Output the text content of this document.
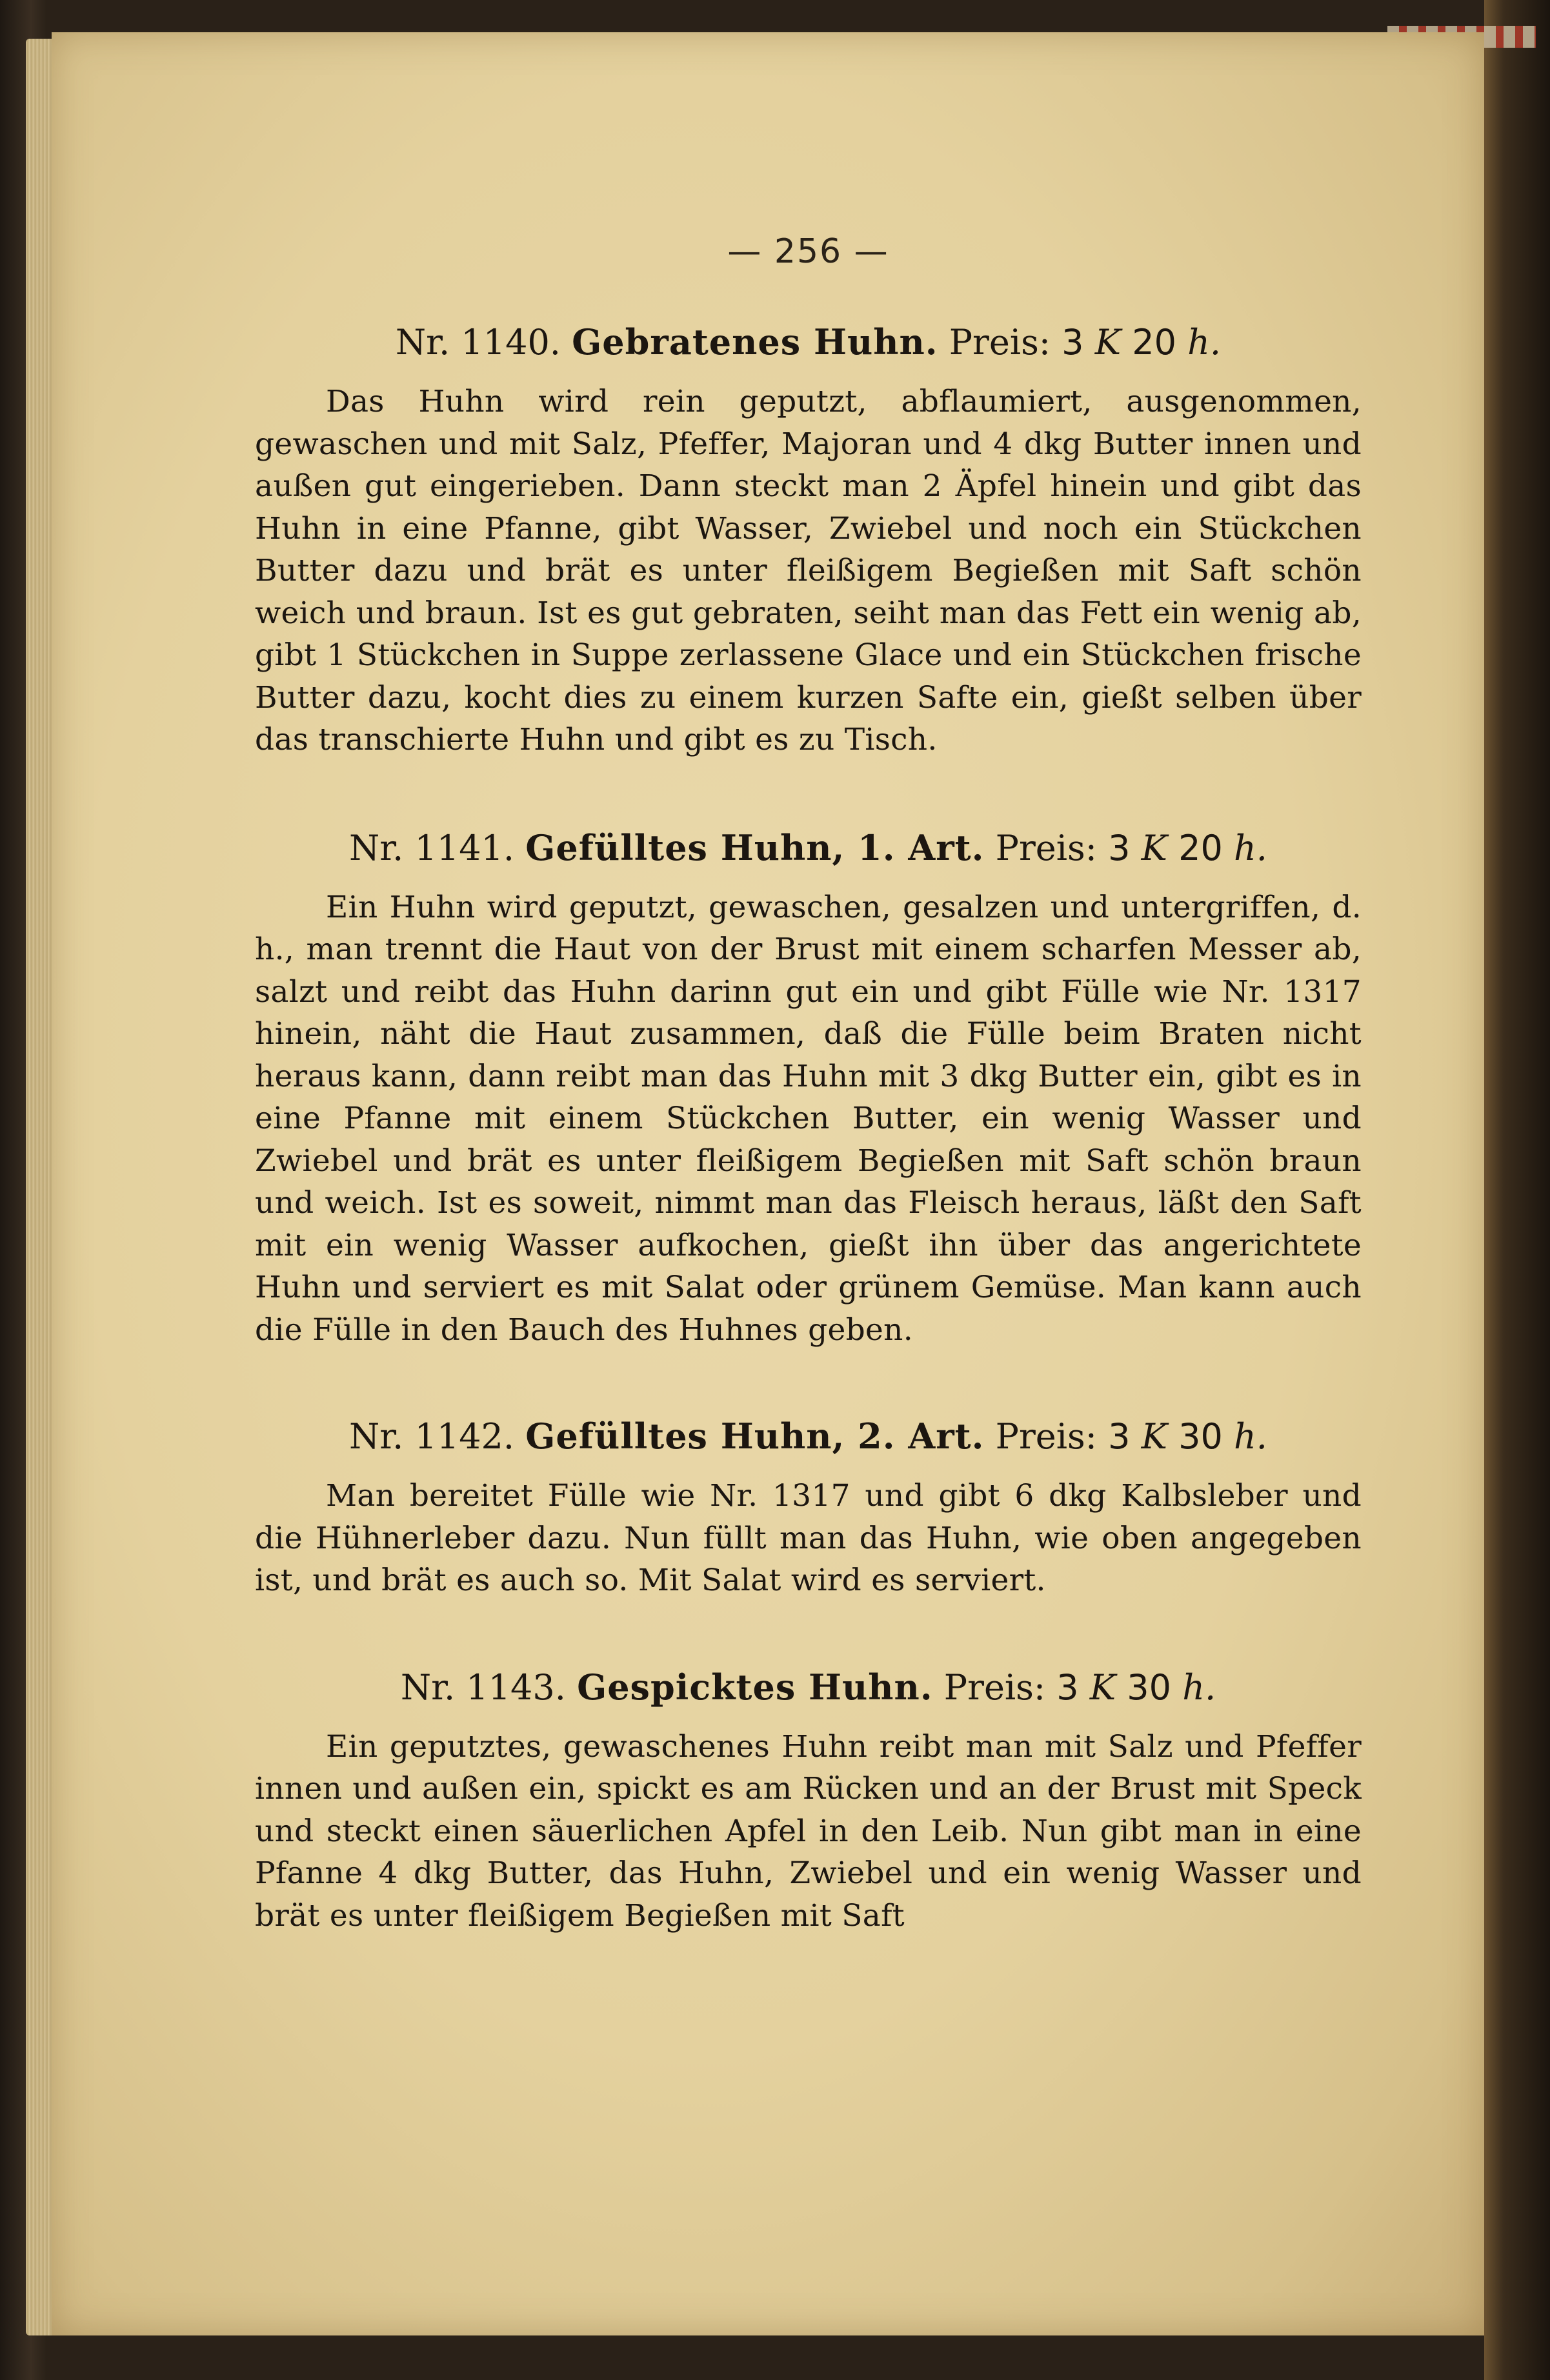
— 256 —
Nr. 1140. Gebratenes Huhn. Preis: 3 K 20 h.

Das Huhn wird rein geputzt, abflaumiert, ausgenommen, gewaschen und mit Salz, Pfeffer, Majoran und 4 dkg Butter innen und außen gut eingerieben. Dann steckt man 2 Äpfel hinein und gibt das Huhn in eine Pfanne, gibt Wasser, Zwiebel und noch ein Stückchen Butter dazu und brät es unter fleißigem Begießen mit Saft schön weich und braun. Ist es gut gebraten, seiht man das Fett ein wenig ab, gibt 1 Stückchen in Suppe zerlassene Glace und ein Stückchen frische Butter dazu, kocht dies zu einem kurzen Safte ein, gießt selben über das transchierte Huhn und gibt es zu Tisch.

Nr. 1141. Gefülltes Huhn, 1. Art. Preis: 3 K 20 h.

Ein Huhn wird geputzt, gewaschen, gesalzen und untergriffen, d. h., man trennt die Haut von der Brust mit einem scharfen Messer ab, salzt und reibt das Huhn darinn gut ein und gibt Fülle wie Nr. 1317 hinein, näht die Haut zusammen, daß die Fülle beim Braten nicht heraus kann, dann reibt man das Huhn mit 3 dkg Butter ein, gibt es in eine Pfanne mit einem Stückchen Butter, ein wenig Wasser und Zwiebel und brät es unter fleißigem Begießen mit Saft schön braun und weich. Ist es soweit, nimmt man das Fleisch heraus, läßt den Saft mit ein wenig Wasser aufkochen, gießt ihn über das angerichtete Huhn und serviert es mit Salat oder grünem Gemüse. Man kann auch die Fülle in den Bauch des Huhnes geben.

Nr. 1142. Gefülltes Huhn, 2. Art. Preis: 3 K 30 h.

Man bereitet Fülle wie Nr. 1317 und gibt 6 dkg Kalbsleber und die Hühnerleber dazu. Nun füllt man das Huhn, wie oben angegeben ist, und brät es auch so. Mit Salat wird es serviert.

Nr. 1143. Gespicktes Huhn. Preis: 3 K 30 h.

Ein geputztes, gewaschenes Huhn reibt man mit Salz und Pfeffer innen und außen ein, spickt es am Rücken und an der Brust mit Speck und steckt einen säuerlichen Apfel in den Leib. Nun gibt man in eine Pfanne 4 dkg Butter, das Huhn, Zwiebel und ein wenig Wasser und brät es unter fleißigem Begießen mit Saft
